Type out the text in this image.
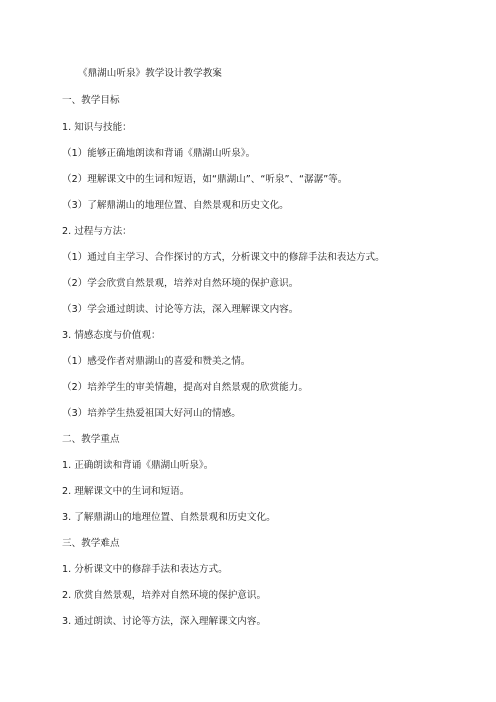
《鼎湖山听泉》教学设计教学教案
一、教学目标
1. 知识与技能：
（1）能够正确地朗读和背诵《鼎湖山听泉》。
（2）理解课文中的生词和短语，如“鼎湖山”、“听泉”、“潺潺”等。
（3）了解鼎湖山的地理位置、自然景观和历史文化。
2. 过程与方法：
（1）通过自主学习、合作探讨的方式，分析课文中的修辞手法和表达方式。
（2）学会欣赏自然景观，培养对自然环境的保护意识。
（3）学会通过朗读、讨论等方法，深入理解课文内容。
3. 情感态度与价值观：
（1）感受作者对鼎湖山的喜爱和赞美之情。
（2）培养学生的审美情趣，提高对自然景观的欣赏能力。
（3）培养学生热爱祖国大好河山的情感。
二、教学重点
1. 正确朗读和背诵《鼎湖山听泉》。
2. 理解课文中的生词和短语。
3. 了解鼎湖山的地理位置、自然景观和历史文化。
三、教学难点
1. 分析课文中的修辞手法和表达方式。
2. 欣赏自然景观，培养对自然环境的保护意识。
3. 通过朗读、讨论等方法，深入理解课文内容。
